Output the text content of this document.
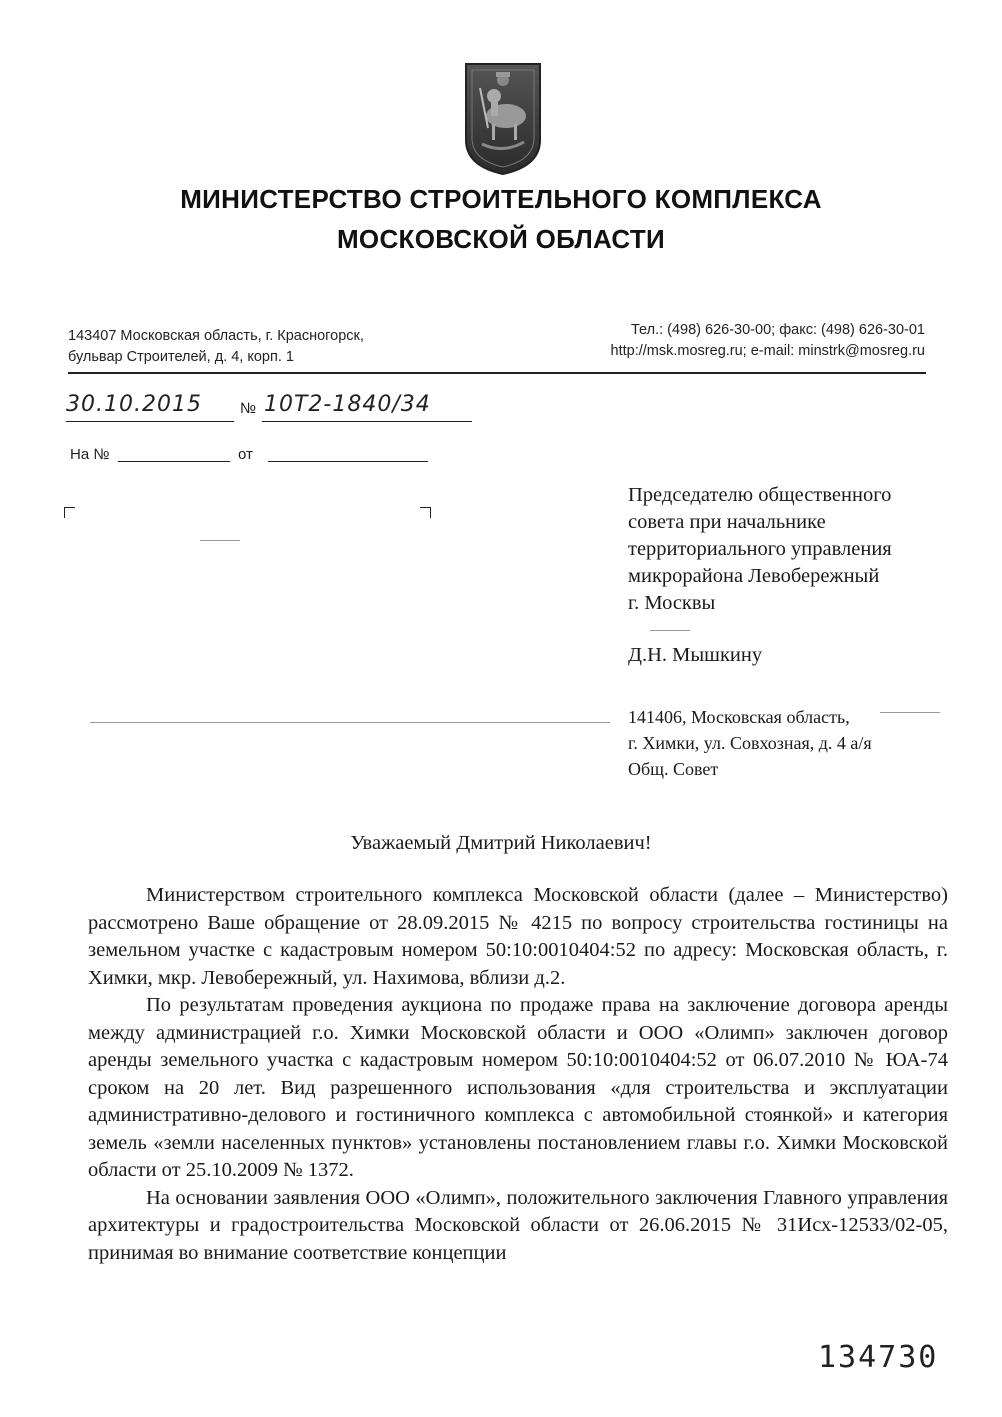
МИНИСТЕРСТВО СТРОИТЕЛЬНОГО КОМПЛЕКСА
МОСКОВСКОЙ ОБЛАСТИ
143407 Московская область, г. Красногорск,
бульвар Строителей, д. 4, корп. 1
Тел.: (498) 626-30-00; факс: (498) 626-30-01
http://msk.mosreg.ru; e-mail: minstrk@mosreg.ru
30.10.2015	№ 10Т2-1840/34
На №	от
Председателю общественного
совета при начальнике
территориального управления
микрорайона Левобережный
г. Москвы
Д.Н. Мышкину
141406, Московская область,
г. Химки, ул. Совхозная, д. 4 а/я
Общ. Совет
Уважаемый Дмитрий Николаевич!

Министерством строительного комплекса Московской области (далее – Министерство) рассмотрено Ваше обращение от 28.09.2015 № 4215 по вопросу строительства гостиницы на земельном участке с кадастровым номером 50:10:0010404:52 по адресу: Московская область, г. Химки, мкр. Левобережный, ул. Нахимова, вблизи д.2.

По результатам проведения аукциона по продаже права на заключение договора аренды между администрацией г.о. Химки Московской области и ООО «Олимп» заключен договор аренды земельного участка с кадастровым номером 50:10:0010404:52 от 06.07.2010 № ЮА-74 сроком на 20 лет. Вид разрешенного использования «для строительства и эксплуатации административно-делового и гостиничного комплекса с автомобильной стоянкой» и категория земель «земли населенных пунктов» установлены постановлением главы г.о. Химки Московской области от 25.10.2009 № 1372.

На основании заявления ООО «Олимп», положительного заключения Главного управления архитектуры и градостроительства Московской области от 26.06.2015 № 31Исх-12533/02-05, принимая во внимание соответствие концепции

134730
